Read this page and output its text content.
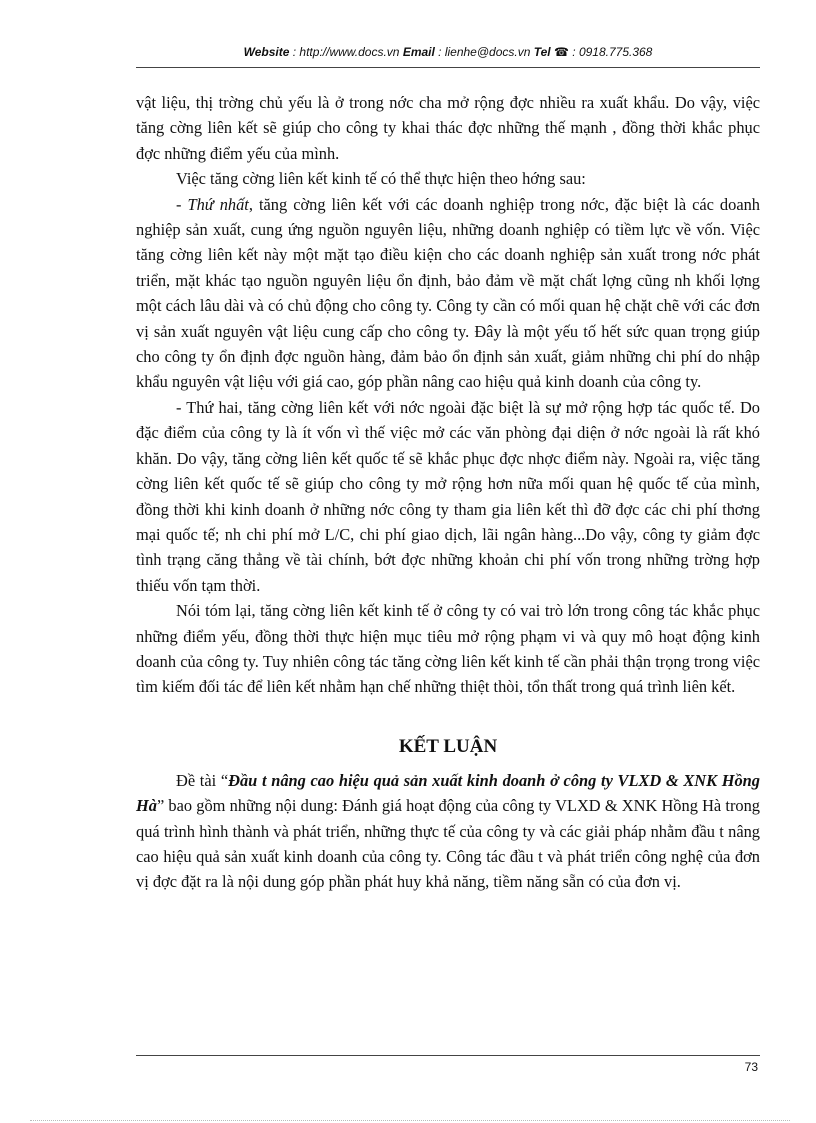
Website : http://www.docs.vn Email : lienhe@docs.vn Tel ☎ : 0918.775.368

vật liệu, thị trờng chủ yếu là ở trong nớc cha mở rộng đợc nhiều ra xuất khẩu. Do vậy, việc tăng cờng liên kết sẽ giúp cho công ty khai thác đợc những thế mạnh , đồng thời khắc phục đợc những điểm yếu của mình.

Việc tăng cờng liên kết kinh tế có thể thực hiện theo hớng sau:

- Thứ nhất, tăng cờng liên kết với các doanh nghiệp trong nớc, đặc biệt là các doanh nghiệp sản xuất, cung ứng nguồn nguyên liệu, những doanh nghiệp có tiềm lực về vốn. Việc tăng cờng liên kết này một mặt tạo điều kiện cho các doanh nghiệp sản xuất trong nớc phát triển, mặt khác tạo nguồn nguyên liệu ổn định, bảo đảm về mặt chất lợng cũng nh khối lợng một cách lâu dài và có chủ động cho công ty. Công ty cần có mối quan hệ chặt chẽ với các đơn vị sản xuất nguyên vật liệu cung cấp cho công ty. Đây là một yếu tố hết sức quan trọng giúp cho công ty ổn định đợc nguồn hàng, đảm bảo ổn định sản xuất, giảm những chi phí do nhập khẩu nguyên vật liệu với giá cao, góp phần nâng cao hiệu quả kinh doanh của công ty.

- Thứ hai, tăng cờng liên kết với nớc ngoài đặc biệt là sự mở rộng hợp tác quốc tế. Do đặc điểm của công ty là ít vốn vì thế việc mở các văn phòng đại diện ở nớc ngoài là rất khó khăn. Do vậy, tăng cờng liên kết quốc tế sẽ khắc phục đợc nhợc điểm này. Ngoài ra, việc tăng cờng liên kết quốc tế sẽ giúp cho công ty mở rộng hơn nữa mối quan hệ quốc tế của mình, đồng thời khi kinh doanh ở những nớc công ty tham gia liên kết thì đỡ đợc các chi phí thơng mại quốc tế; nh chi phí mở L/C, chi phí giao dịch, lãi ngân hàng...Do vậy, công ty giảm đợc tình trạng căng thẳng về tài chính, bớt đợc những khoản chi phí vốn trong những trờng hợp thiếu vốn tạm thời.

Nói tóm lại, tăng cờng liên kết kinh tế ở công ty có vai trò lớn trong công tác khắc phục những điểm yếu, đồng thời thực hiện mục tiêu mở rộng phạm vi và quy mô hoạt động kinh doanh của công ty. Tuy nhiên công tác tăng cờng liên kết kinh tế cần phải thận trọng trong việc tìm kiếm đối tác để liên kết nhằm hạn chế những thiệt thòi, tổn thất trong quá trình liên kết.

KẾT LUẬN

Đề tài “Đầu t nâng cao hiệu quả sản xuất kinh doanh ở công ty VLXD & XNK Hồng Hà” bao gồm những nội dung: Đánh giá hoạt động của công ty VLXD & XNK Hồng Hà trong quá trình hình thành và phát triển, những thực tế của công ty và các giải pháp nhằm đầu t nâng cao hiệu quả sản xuất kinh doanh của công ty. Công tác đầu t và phát triển công nghệ của đơn vị đợc đặt ra là nội dung góp phần phát huy khả năng, tiềm năng sẵn có của đơn vị.

73
